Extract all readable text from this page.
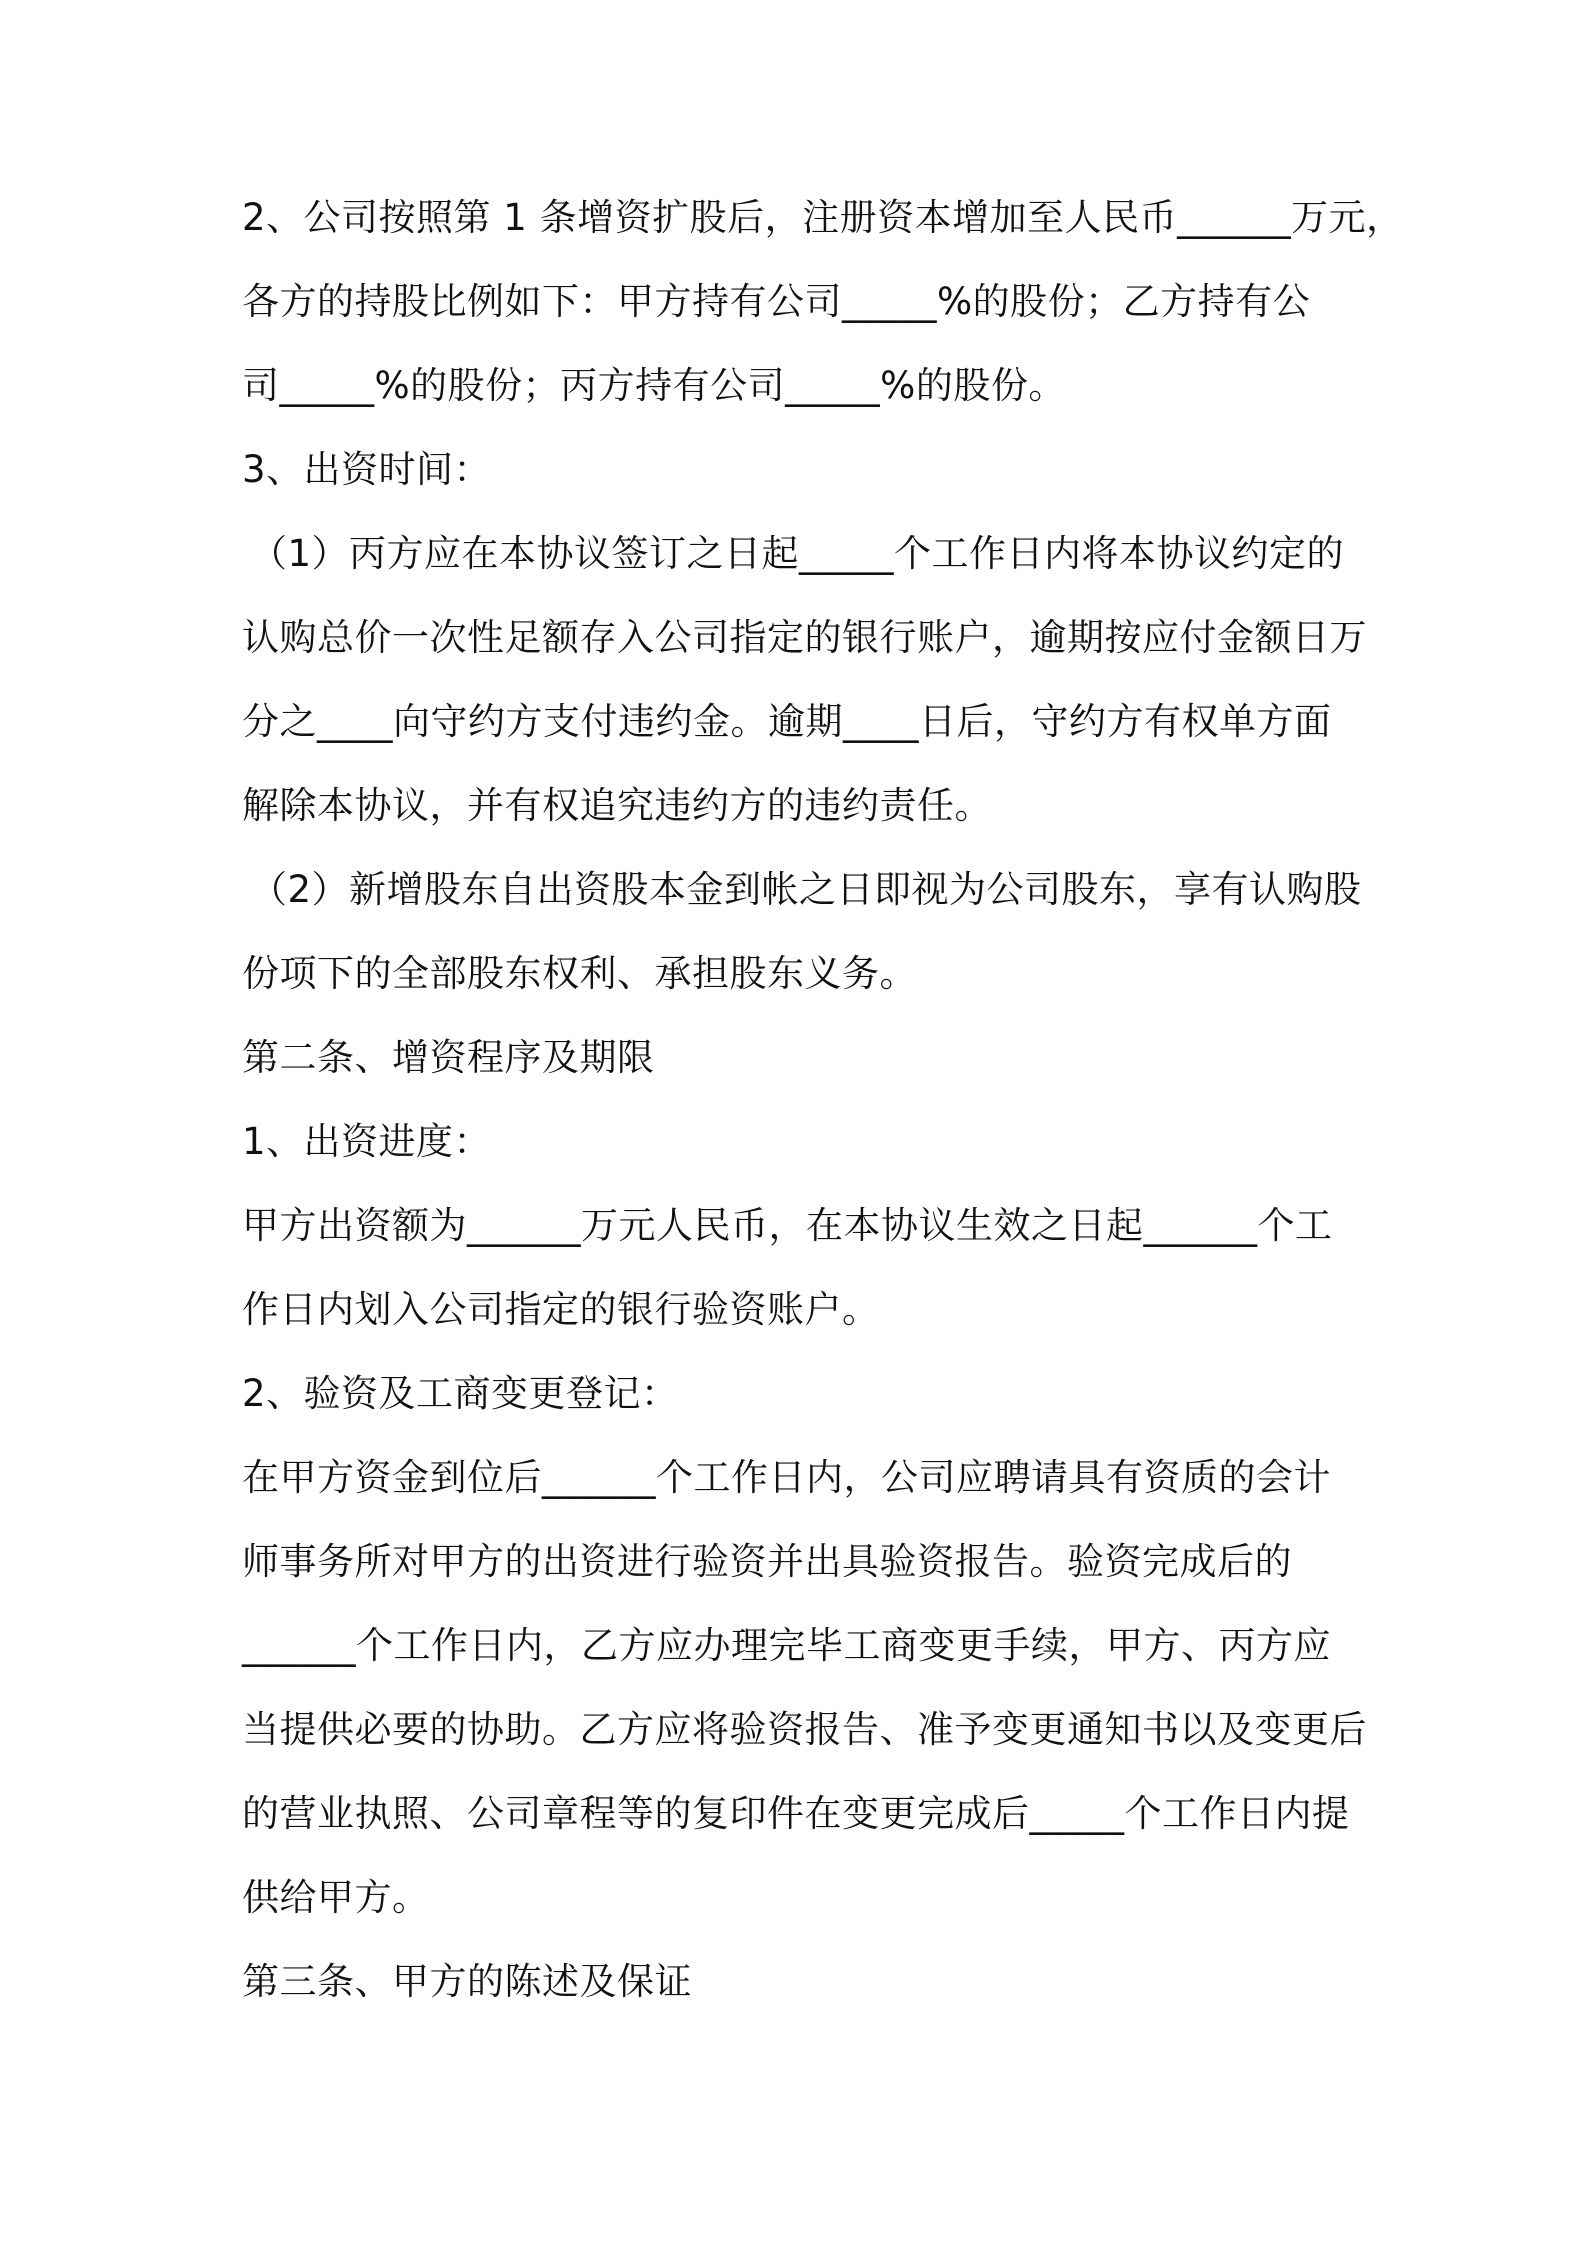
2、公司按照第 1 条增资扩股后，注册资本增加至人民币______万元，
各方的持股比例如下：甲方持有公司_____%的股份；乙方持有公
司_____%的股份；丙方持有公司_____%的股份。
3、出资时间：
（1）丙方应在本协议签订之日起_____个工作日内将本协议约定的
认购总价一次性足额存入公司指定的银行账户，逾期按应付金额日万
分之____向守约方支付违约金。逾期____日后，守约方有权单方面
解除本协议，并有权追究违约方的违约责任。
（2）新增股东自出资股本金到帐之日即视为公司股东，享有认购股
份项下的全部股东权利、承担股东义务。
第二条、增资程序及期限
1、出资进度：
甲方出资额为______万元人民币，在本协议生效之日起______个工
作日内划入公司指定的银行验资账户。
2、验资及工商变更登记：
在甲方资金到位后______个工作日内，公司应聘请具有资质的会计
师事务所对甲方的出资进行验资并出具验资报告。验资完成后的
______个工作日内，乙方应办理完毕工商变更手续，甲方、丙方应
当提供必要的协助。乙方应将验资报告、准予变更通知书以及变更后
的营业执照、公司章程等的复印件在变更完成后_____个工作日内提
供给甲方。
第三条、甲方的陈述及保证
